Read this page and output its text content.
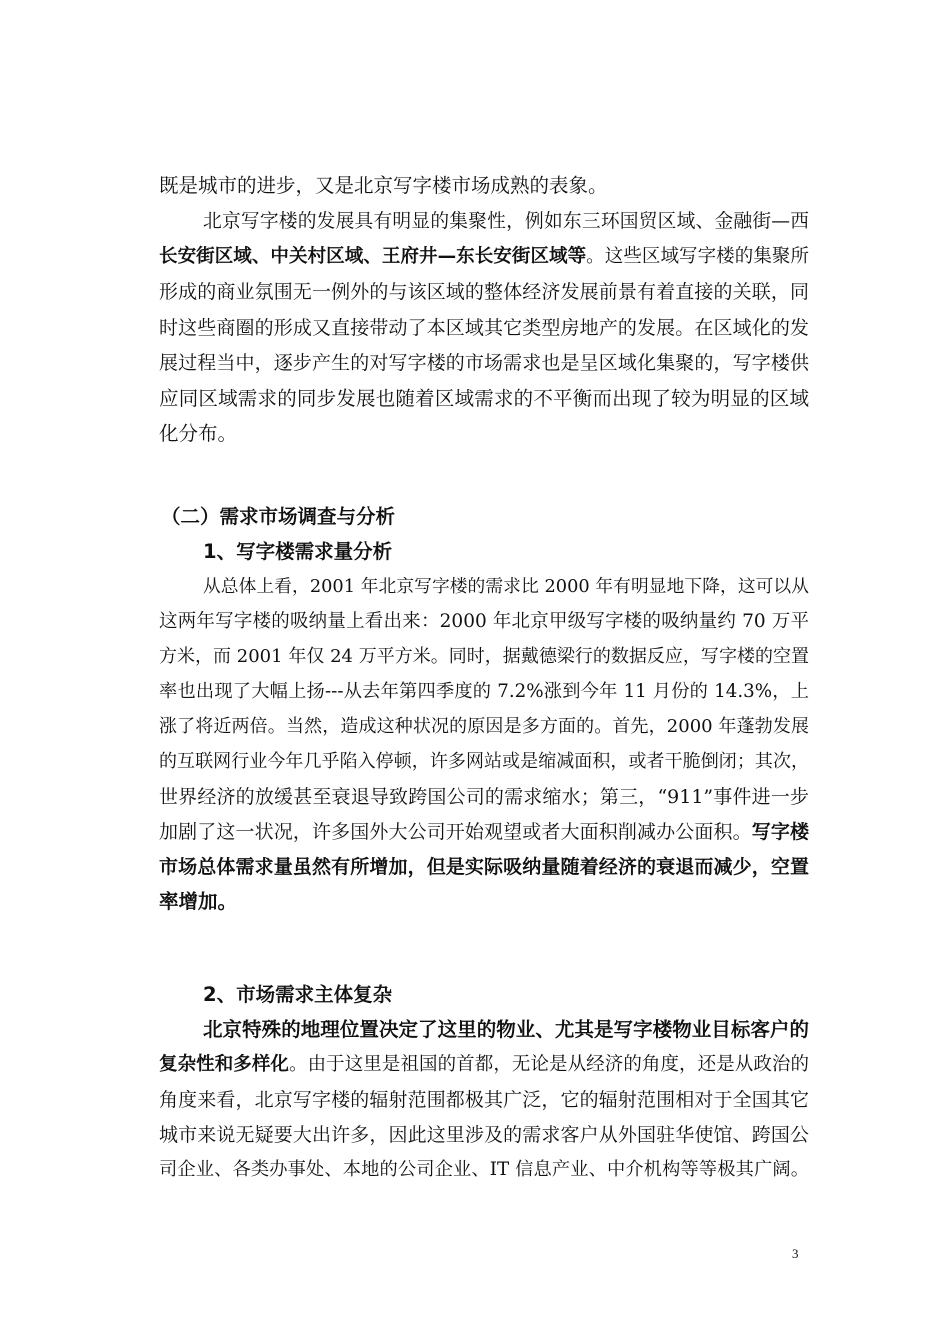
既是城市的进步，又是北京写字楼市场成熟的表象。
北京写字楼的发展具有明显的集聚性，例如东三环国贸区域、金融街—西
长安街区域、中关村区域、王府井—东长安街区域等。这些区域写字楼的集聚所
形成的商业氛围无一例外的与该区域的整体经济发展前景有着直接的关联，同
时这些商圈的形成又直接带动了本区域其它类型房地产的发展。在区域化的发
展过程当中，逐步产生的对写字楼的市场需求也是呈区域化集聚的，写字楼供
应同区域需求的同步发展也随着区域需求的不平衡而出现了较为明显的区域
化分布。
（二）需求市场调查与分析
1、写字楼需求量分析
从总体上看，2001 年北京写字楼的需求比 2000 年有明显地下降，这可以从
这两年写字楼的吸纳量上看出来：2000 年北京甲级写字楼的吸纳量约 70 万平
方米，而 2001 年仅 24 万平方米。同时，据戴德梁行的数据反应，写字楼的空置
率也出现了大幅上扬---从去年第四季度的 7.2%涨到今年 11 月份的 14.3%，上
涨了将近两倍。当然，造成这种状况的原因是多方面的。首先，2000 年蓬勃发展
的互联网行业今年几乎陷入停顿，许多网站或是缩减面积，或者干脆倒闭；其次，
世界经济的放缓甚至衰退导致跨国公司的需求缩水；第三，“911”事件进一步
加剧了这一状况，许多国外大公司开始观望或者大面积削减办公面积。写字楼
市场总体需求量虽然有所增加，但是实际吸纳量随着经济的衰退而减少，空置
率增加。
2、市场需求主体复杂
北京特殊的地理位置决定了这里的物业、尤其是写字楼物业目标客户的
复杂性和多样化。由于这里是祖国的首都，无论是从经济的角度，还是从政治的
角度来看，北京写字楼的辐射范围都极其广泛，它的辐射范围相对于全国其它
城市来说无疑要大出许多，因此这里涉及的需求客户从外国驻华使馆、跨国公
司企业、各类办事处、本地的公司企业、IT 信息产业、中介机构等等极其广阔。
3
